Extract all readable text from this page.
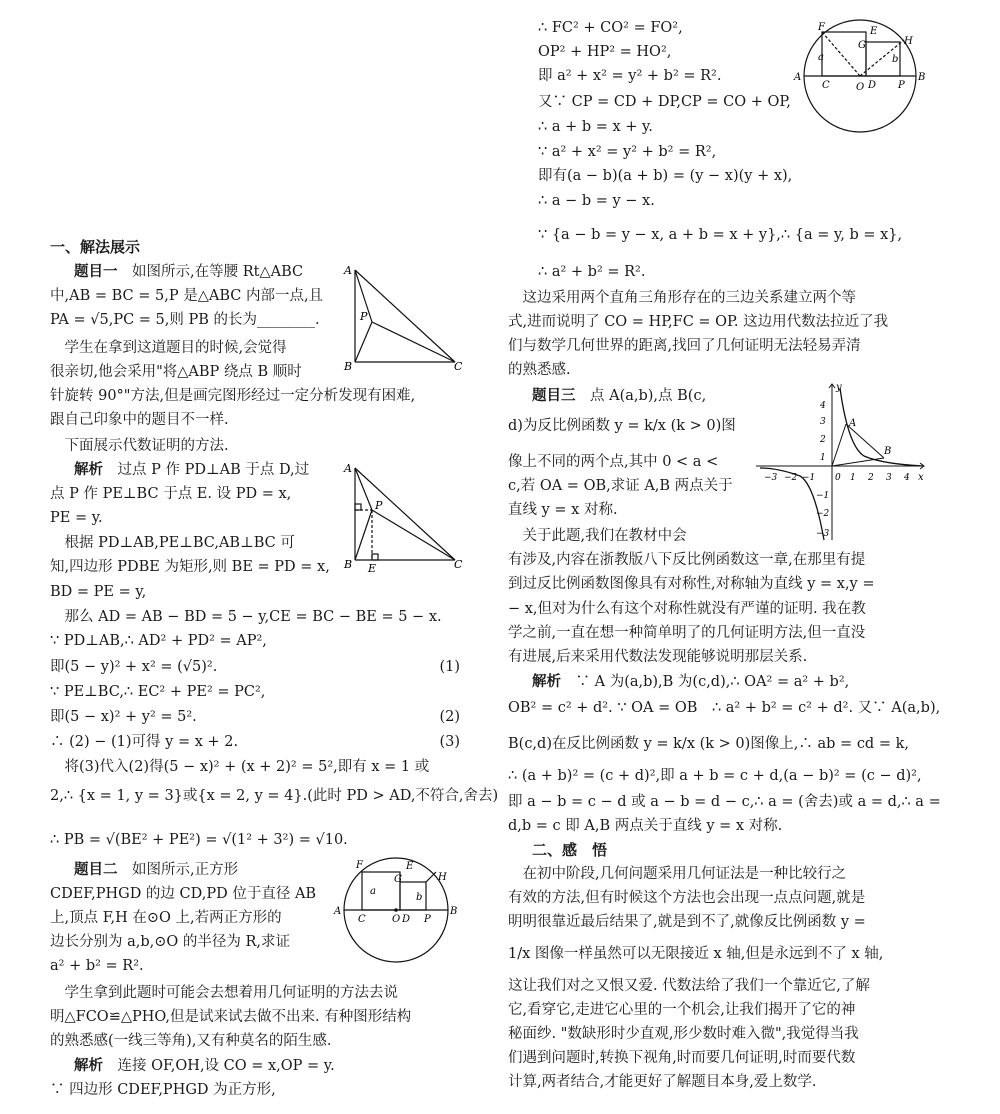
一、解法展示
题目一　如图所示,在等腰 Rt△ABC
中,AB = BC = 5,P 是△ABC 内部一点,且
PA = √5,PC = 5,则 PB 的长为________.
　学生在拿到这道题目的时候,会觉得
很亲切,他会采用"将△ABP 绕点 B 顺时
针旋转 90°"方法,但是画完图形经过一定分析发现有困难,
跟自己印象中的题目不一样.
　下面展示代数证明的方法.
解析　过点 P 作 PD⊥AB 于点 D,过
点 P 作 PE⊥BC 于点 E. 设 PD = x,
PE = y.
　根据 PD⊥AB,PE⊥BC,AB⊥BC 可
知,四边形 PDBE 为矩形,则 BE = PD = x,
BD = PE = y,
　那么 AD = AB − BD = 5 − y,CE = BC − BE = 5 − x.
∵ PD⊥AB,∴ AD² + PD² = AP²,
即(5 − y)² + x² = (√5)².	(1)
∵ PE⊥BC,∴ EC² + PE² = PC²,
即(5 − x)² + y² = 5².	(2)
∴ (2) − (1)可得 y = x + 2.	(3)
　将(3)代入(2)得(5 − x)² + (x + 2)² = 5²,即有 x = 1 或
2,∴ {x = 1, y = 3}或{x = 2, y = 4}.(此时 PD > AD,不符合,舍去)
∴ PB = √(BE² + PE²) = √(1² + 3²) = √10.
题目二　如图所示,正方形
CDEF,PHGD 的边 CD,PD 位于直径 AB
上,顶点 F,H 在⊙O 上,若两正方形的
边长分别为 a,b,⊙O 的半径为 R,求证
a² + b² = R².
　学生拿到此题时可能会去想着用几何证明的方法去说
明△FCO≌△PHO,但是试来试去做不出来. 有种图形结构
的熟悉感(一线三等角),又有种莫名的陌生感.
解析　连接 OF,OH,设 CO = x,OP = y.
∵ 四边形 CDEF,PHGD 为正方形,
A
B	C
P
A
B	C
P
E
F	E
G	H
A	B
C	O D P
a
b
∴ FC² + CO² = FO²,
OP² + HP² = HO²,
即 a² + x² = y² + b² = R².
又∵ CP = CD + DP,CP = CO + OP,
∴ a + b = x + y.
∵ a² + x² = y² + b² = R²,
即有(a − b)(a + b) = (y − x)(y + x),
∴ a − b = y − x.
∵ {a − b = y − x, a + b = x + y},∴ {a = y, b = x},
∴ a² + b² = R².
　这边采用两个直角三角形存在的三边关系建立两个等
式,进而说明了 CO = HP,FC = OP. 这边用代数法拉近了我
们与数学几何世界的距离,找回了几何证明无法轻易弄清
的熟悉感.
题目三　点 A(a,b),点 B(c,
d)为反比例函数 y = k/x (k > 0)图
像上不同的两个点,其中 0 < a <
c,若 OA = OB,求证 A,B 两点关于
直线 y = x 对称.
　关于此题,我们在教材中会
有涉及,内容在浙教版八下反比例函数这一章,在那里有提
到过反比例函数图像具有对称性,对称轴为直线 y = x,y =
− x,但对为什么有这个对称性就没有严谨的证明. 我在教
学之前,一直在想一种简单明了的几何证明方法,但一直没
有进展,后来采用代数法发现能够说明那层关系.
解析　∵ A 为(a,b),B 为(c,d),∴ OA² = a² + b²,
OB² = c² + d². ∵ OA = OB　∴ a² + b² = c² + d². 又∵ A(a,b),
B(c,d)在反比例函数 y = k/x (k > 0)图像上,∴ ab = cd = k,
∴ (a + b)² = (c + d)²,即 a + b = c + d,(a − b)² = (c − d)²,
即 a − b = c − d 或 a − b = d − c,∴ a = (舍去)或 a = d,∴ a =
d,b = c 即 A,B 两点关于直线 y = x 对称.
二、感　悟
　在初中阶段,几何问题采用几何证法是一种比较行之
有效的方法,但有时候这个方法也会出现一点点问题,就是
明明很靠近最后结果了,就是到不了,就像反比例函数 y =
1/x 图像一样虽然可以无限接近 x 轴,但是永远到不了 x 轴,
这让我们对之又恨又爱. 代数法给了我们一个靠近它,了解
它,看穿它,走进它心里的一个机会,让我们揭开了它的神
秘面纱. "数缺形时少直观,形少数时难入微",我觉得当我
们遇到问题时,转换下视角,时而要几何证明,时而要代数
计算,两者结合,才能更好了解题目本身,爱上数学.
F	E
G	H
A	B
C	O D P
a	b
y
x
A
B
−3 −2 −1 0 1 2 3 4
4
3
2
1
−1
−2
−3
